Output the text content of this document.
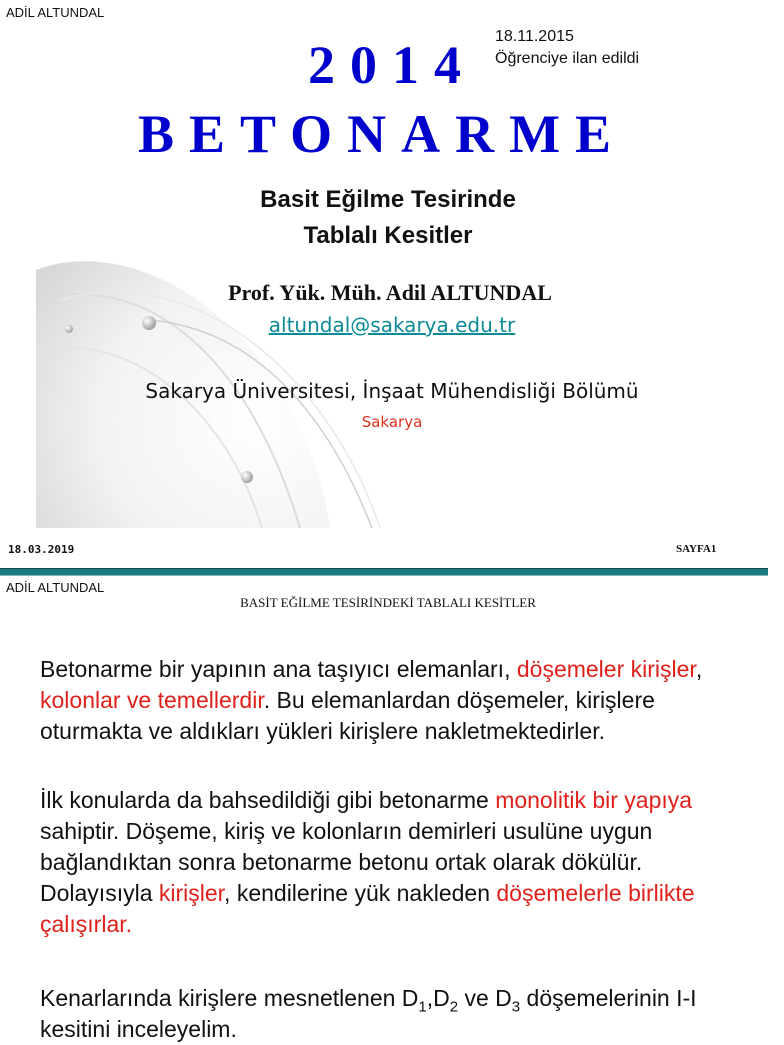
ADİL ALTUNDAL
2014
BETONARME
18.11.2015
Öğrenciye ilan edildi
Basit Eğilme Tesirinde
Tablalı Kesitler
Prof. Yük. Müh. Adil ALTUNDAL
altundal@sakarya.edu.tr
Sakarya Üniversitesi, İnşaat Mühendisliği Bölümü
Sakarya
18.03.2019	SAYFA1
ADİL ALTUNDAL
BASİT EĞİLME TESİRİNDEKİ TABLALI KESİTLER

Betonarme bir yapının ana taşıyıcı elemanları, döşemeler kirişler, kolonlar ve temellerdir. Bu elemanlardan döşemeler, kirişlere oturmakta ve aldıkları yükleri kirişlere nakletmektedirler.

İlk konularda da bahsedildiği gibi betonarme monolitik bir yapıya sahiptir. Döşeme, kiriş ve kolonların demirleri usulüne uygun bağlandıktan sonra betonarme betonu ortak olarak dökülür. Dolayısıyla kirişler, kendilerine yük nakleden döşemelerle birlikte çalışırlar.

Kenarlarında kirişlere mesnetlenen $D_1,D_2$ ve $D_3$ döşemelerinin I-I kesitini inceleyelim.
